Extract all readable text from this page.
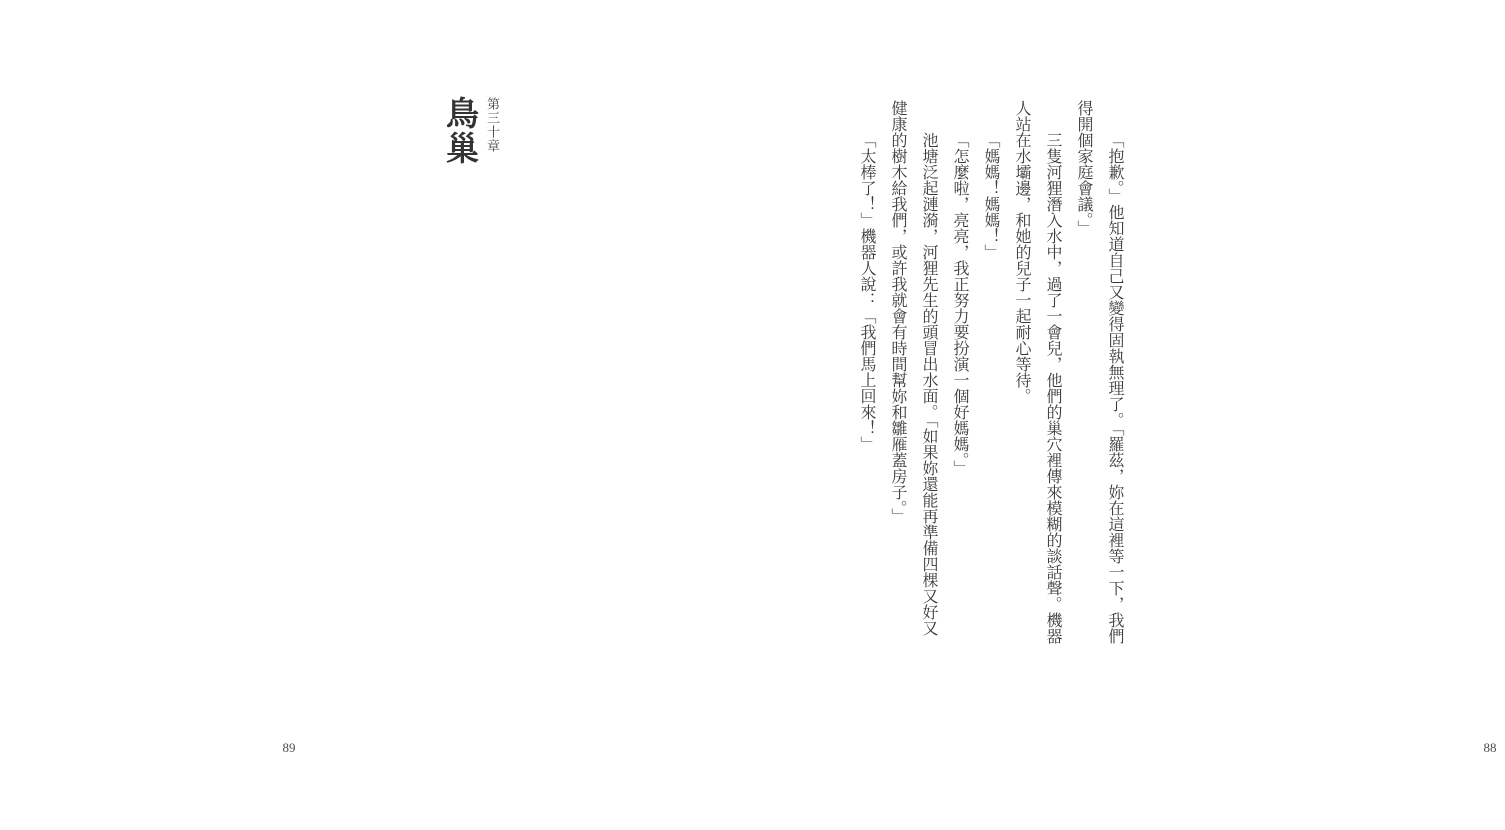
第三十章
鳥巢

89

「抱歉。」他知道自己又變得固執無理了。「羅茲，妳在這裡等一下，我們得開個家庭會議。」

三隻河狸潛入水中，過了一會兒，他們的巢穴裡傳來模糊的談話聲。機器人站在水壩邊，和她的兒子一起耐心等待。

「媽媽！媽媽！」

「怎麼啦，亮亮，我正努力要扮演一個好媽媽。」

池塘泛起漣漪，河狸先生的頭冒出水面。「如果妳還能再準備四棵又好又健康的樹木給我們，或許我就會有時間幫妳和雛雁蓋房子。」

「太棒了！」機器人說：「我們馬上回來！」

88
